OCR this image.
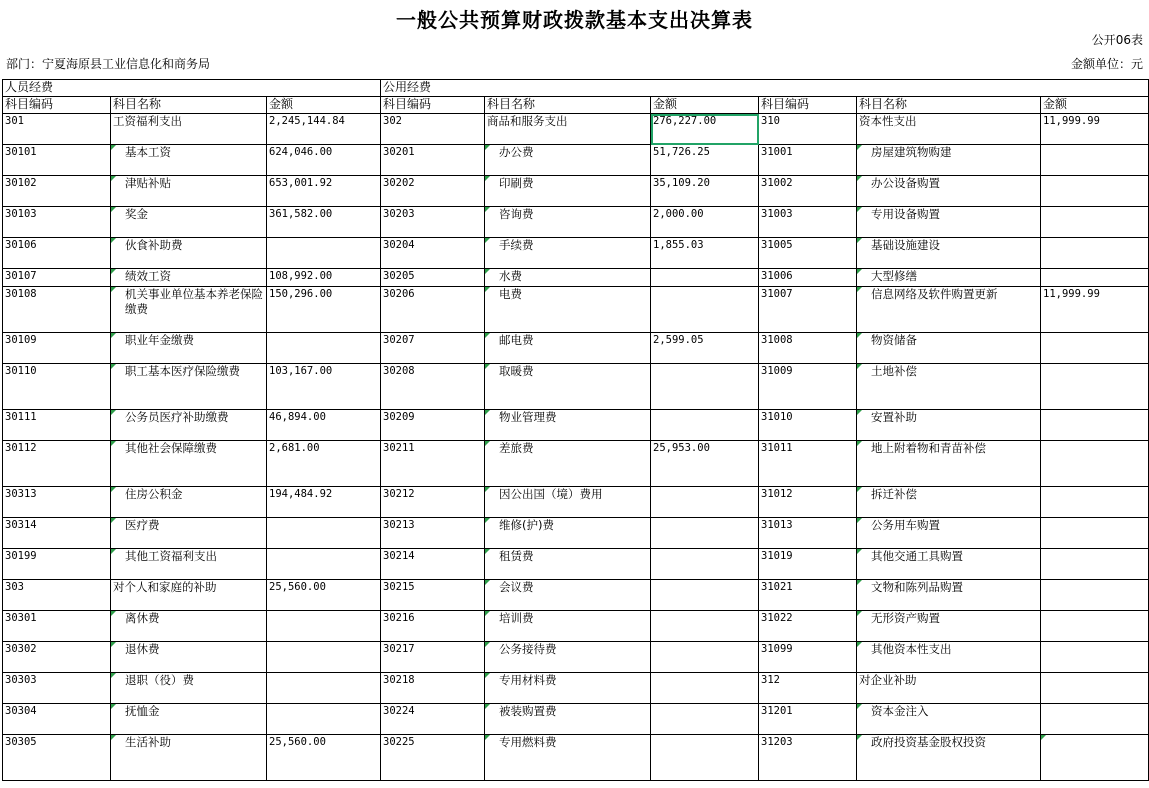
一般公共预算财政拨款基本支出决算表
公开06表
部门：宁夏海原县工业信息化和商务局	金额单位：元
人员经费			公用经费					
科目编码	科目名称	金额	科目编码	科目名称	金额	科目编码	科目名称	金额
301	工资福利支出	2,245,144.84	302	商品和服务支出	276,227.00	310	资本性支出	11,999.99
30101	基本工资	624,046.00	30201	办公费	51,726.25	31001	房屋建筑物购建	
30102	津贴补贴	653,001.92	30202	印刷费	35,109.20	31002	办公设备购置	
30103	奖金	361,582.00	30203	咨询费	2,000.00	31003	专用设备购置	
30106	伙食补助费		30204	手续费	1,855.03	31005	基础设施建设	
30107	绩效工资	108,992.00	30205	水费		31006	大型修缮	
30108	机关事业单位基本养老保险缴费	150,296.00	30206	电费		31007	信息网络及软件购置更新	11,999.99
30109	职业年金缴费		30207	邮电费	2,599.05	31008	物资储备	
30110	职工基本医疗保险缴费	103,167.00	30208	取暖费		31009	土地补偿	
30111	公务员医疗补助缴费	46,894.00	30209	物业管理费		31010	安置补助	
30112	其他社会保障缴费	2,681.00	30211	差旅费	25,953.00	31011	地上附着物和青苗补偿	
30313	住房公积金	194,484.92	30212	因公出国（境）费用		31012	拆迁补偿	
30314	医疗费		30213	维修(护)费		31013	公务用车购置	
30199	其他工资福利支出		30214	租赁费		31019	其他交通工具购置	
303	对个人和家庭的补助	25,560.00	30215	会议费		31021	文物和陈列品购置	
30301	离休费		30216	培训费		31022	无形资产购置	
30302	退休费		30217	公务接待费		31099	其他资本性支出	
30303	退职（役）费		30218	专用材料费		312	对企业补助	
30304	抚恤金		30224	被装购置费		31201	资本金注入	
30305	生活补助	25,560.00	30225	专用燃料费		31203	政府投资基金股权投资	
